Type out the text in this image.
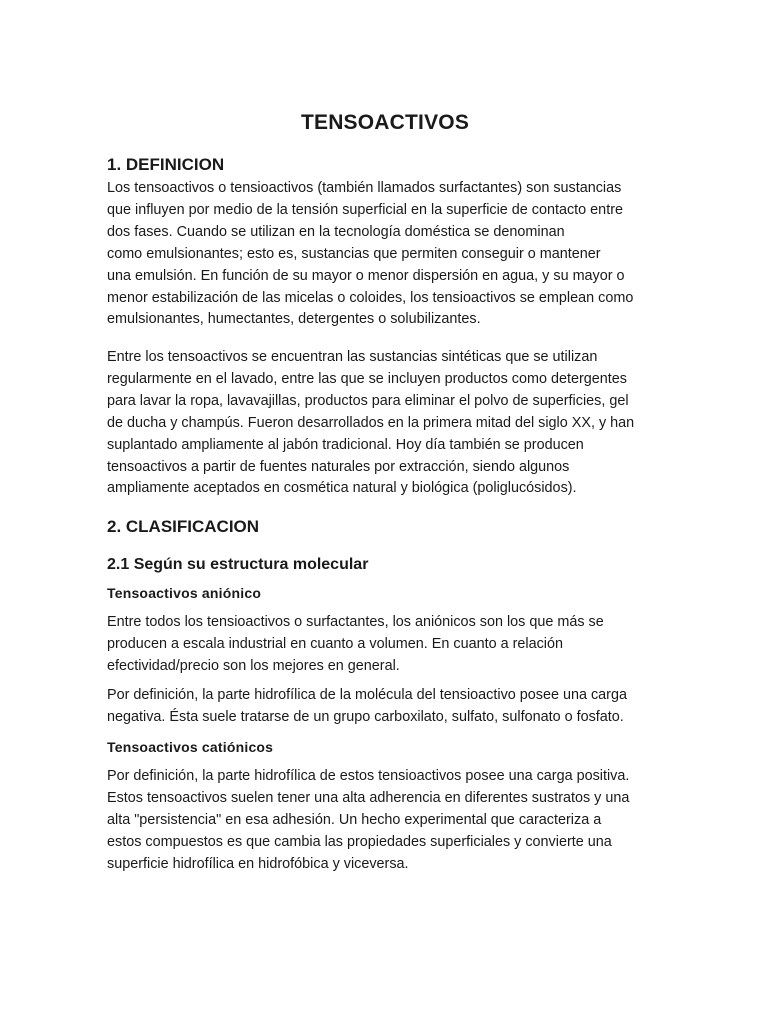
TENSOACTIVOS
1. DEFINICION

Los tensoactivos o tensioactivos (también llamados surfactantes) son sustancias
que influyen por medio de la tensión superficial en la superficie de contacto entre
dos fases. Cuando se utilizan en la tecnología doméstica se denominan
como emulsionantes; esto es, sustancias que permiten conseguir o mantener
una emulsión. En función de su mayor o menor dispersión en agua, y su mayor o
menor estabilización de las micelas o coloides, los tensioactivos se emplean como
emulsionantes, humectantes, detergentes o solubilizantes.

Entre los tensoactivos se encuentran las sustancias sintéticas que se utilizan
regularmente en el lavado, entre las que se incluyen productos como detergentes
para lavar la ropa, lavavajillas, productos para eliminar el polvo de superficies, gel
de ducha y champús. Fueron desarrollados en la primera mitad del siglo XX, y han
suplantado ampliamente al jabón tradicional. Hoy día también se producen
tensoactivos a partir de fuentes naturales por extracción, siendo algunos
ampliamente aceptados en cosmética natural y biológica (poliglucósidos).

2. CLASIFICACION
2.1 Según su estructura molecular
Tensoactivos aniónico

Entre todos los tensioactivos o surfactantes, los aniónicos son los que más se
producen a escala industrial en cuanto a volumen. En cuanto a relación
efectividad/precio son los mejores en general.

Por definición, la parte hidrofílica de la molécula del tensioactivo posee una carga
negativa. Ésta suele tratarse de un grupo carboxilato, sulfato, sulfonato o fosfato.

Tensoactivos catiónicos

Por definición, la parte hidrofílica de estos tensioactivos posee una carga positiva.
Estos tensoactivos suelen tener una alta adherencia en diferentes sustratos y una
alta "persistencia" en esa adhesión. Un hecho experimental que caracteriza a
estos compuestos es que cambia las propiedades superficiales y convierte una
superficie hidrofílica en hidrofóbica y viceversa.
